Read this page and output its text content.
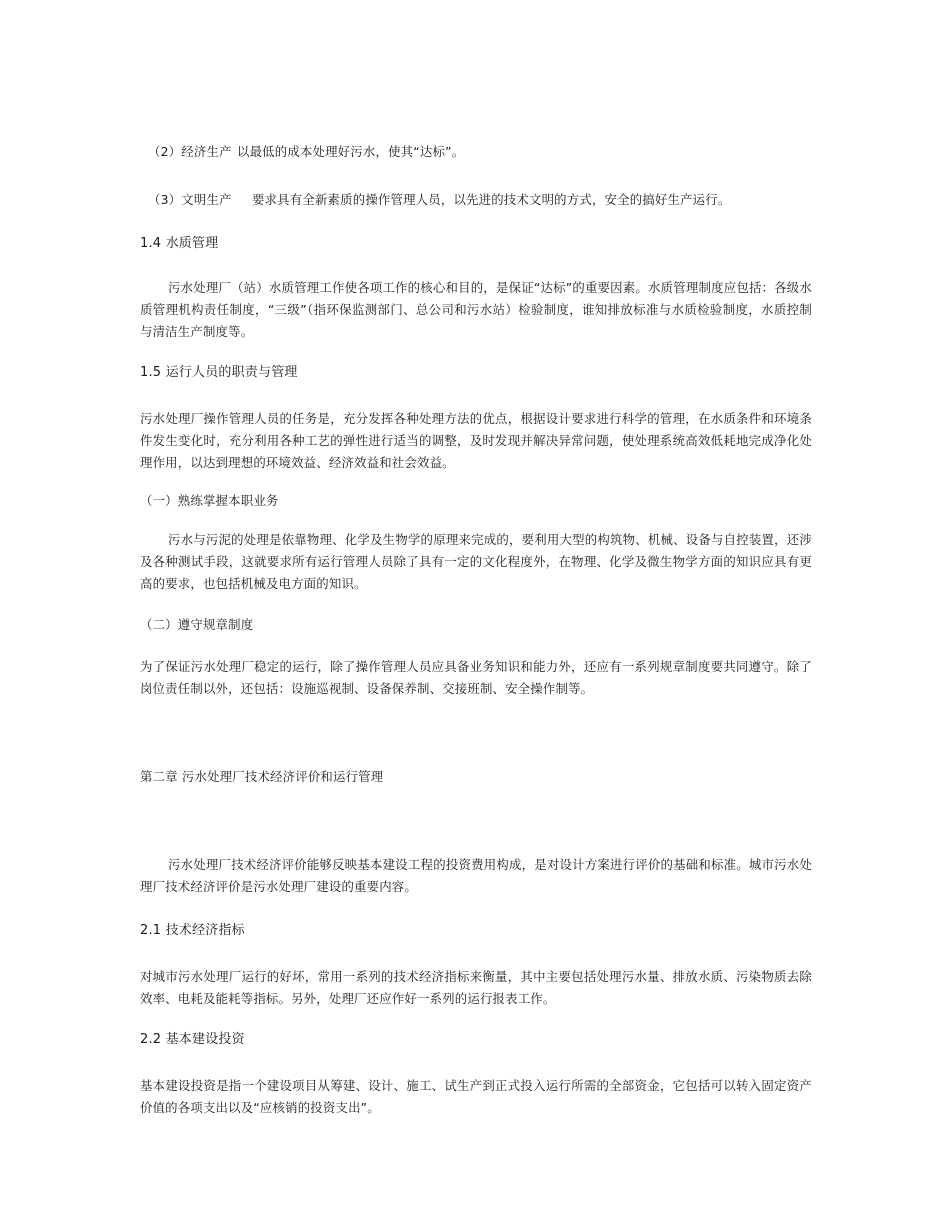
（2）经济生产 以最低的成本处理好污水，使其“达标”。

（3）文明生产 要求具有全新素质的操作管理人员，以先进的技术文明的方式，安全的搞好生产运行。

1.4 水质管理

污水处理厂（站）水质管理工作使各项工作的核心和目的，是保证“达标”的重要因素。水质管理制度应包括：各级水质管理机构责任制度，“三级”（指环保监测部门、总公司和污水站）检验制度，谁知排放标准与水质检验制度，水质控制与清洁生产制度等。

1.5 运行人员的职责与管理

污水处理厂操作管理人员的任务是，充分发挥各种处理方法的优点，根据设计要求进行科学的管理，在水质条件和环境条件发生变化时，充分利用各种工艺的弹性进行适当的调整，及时发现并解决异常问题，使处理系统高效低耗地完成净化处理作用，以达到理想的环境效益、经济效益和社会效益。

（一）熟练掌握本职业务

污水与污泥的处理是依靠物理、化学及生物学的原理来完成的，要利用大型的构筑物、机械、设备与自控装置，还涉及各种测试手段，这就要求所有运行管理人员除了具有一定的文化程度外，在物理、化学及微生物学方面的知识应具有更高的要求，也包括机械及电方面的知识。

（二）遵守规章制度

为了保证污水处理厂稳定的运行，除了操作管理人员应具备业务知识和能力外，还应有一系列规章制度要共同遵守。除了岗位责任制以外，还包括：设施巡视制、设备保养制、交接班制、安全操作制等。

第二章 污水处理厂技术经济评价和运行管理

污水处理厂技术经济评价能够反映基本建设工程的投资费用构成，是对设计方案进行评价的基础和标准。城市污水处理厂技术经济评价是污水处理厂建设的重要内容。

2.1 技术经济指标

对城市污水处理厂运行的好坏，常用一系列的技术经济指标来衡量，其中主要包括处理污水量、排放水质、污染物质去除效率、电耗及能耗等指标。另外，处理厂还应作好一系列的运行报表工作。

2.2 基本建设投资

基本建设投资是指一个建设项目从筹建、设计、施工、试生产到正式投入运行所需的全部资金，它包括可以转入固定资产价值的各项支出以及“应核销的投资支出”。
